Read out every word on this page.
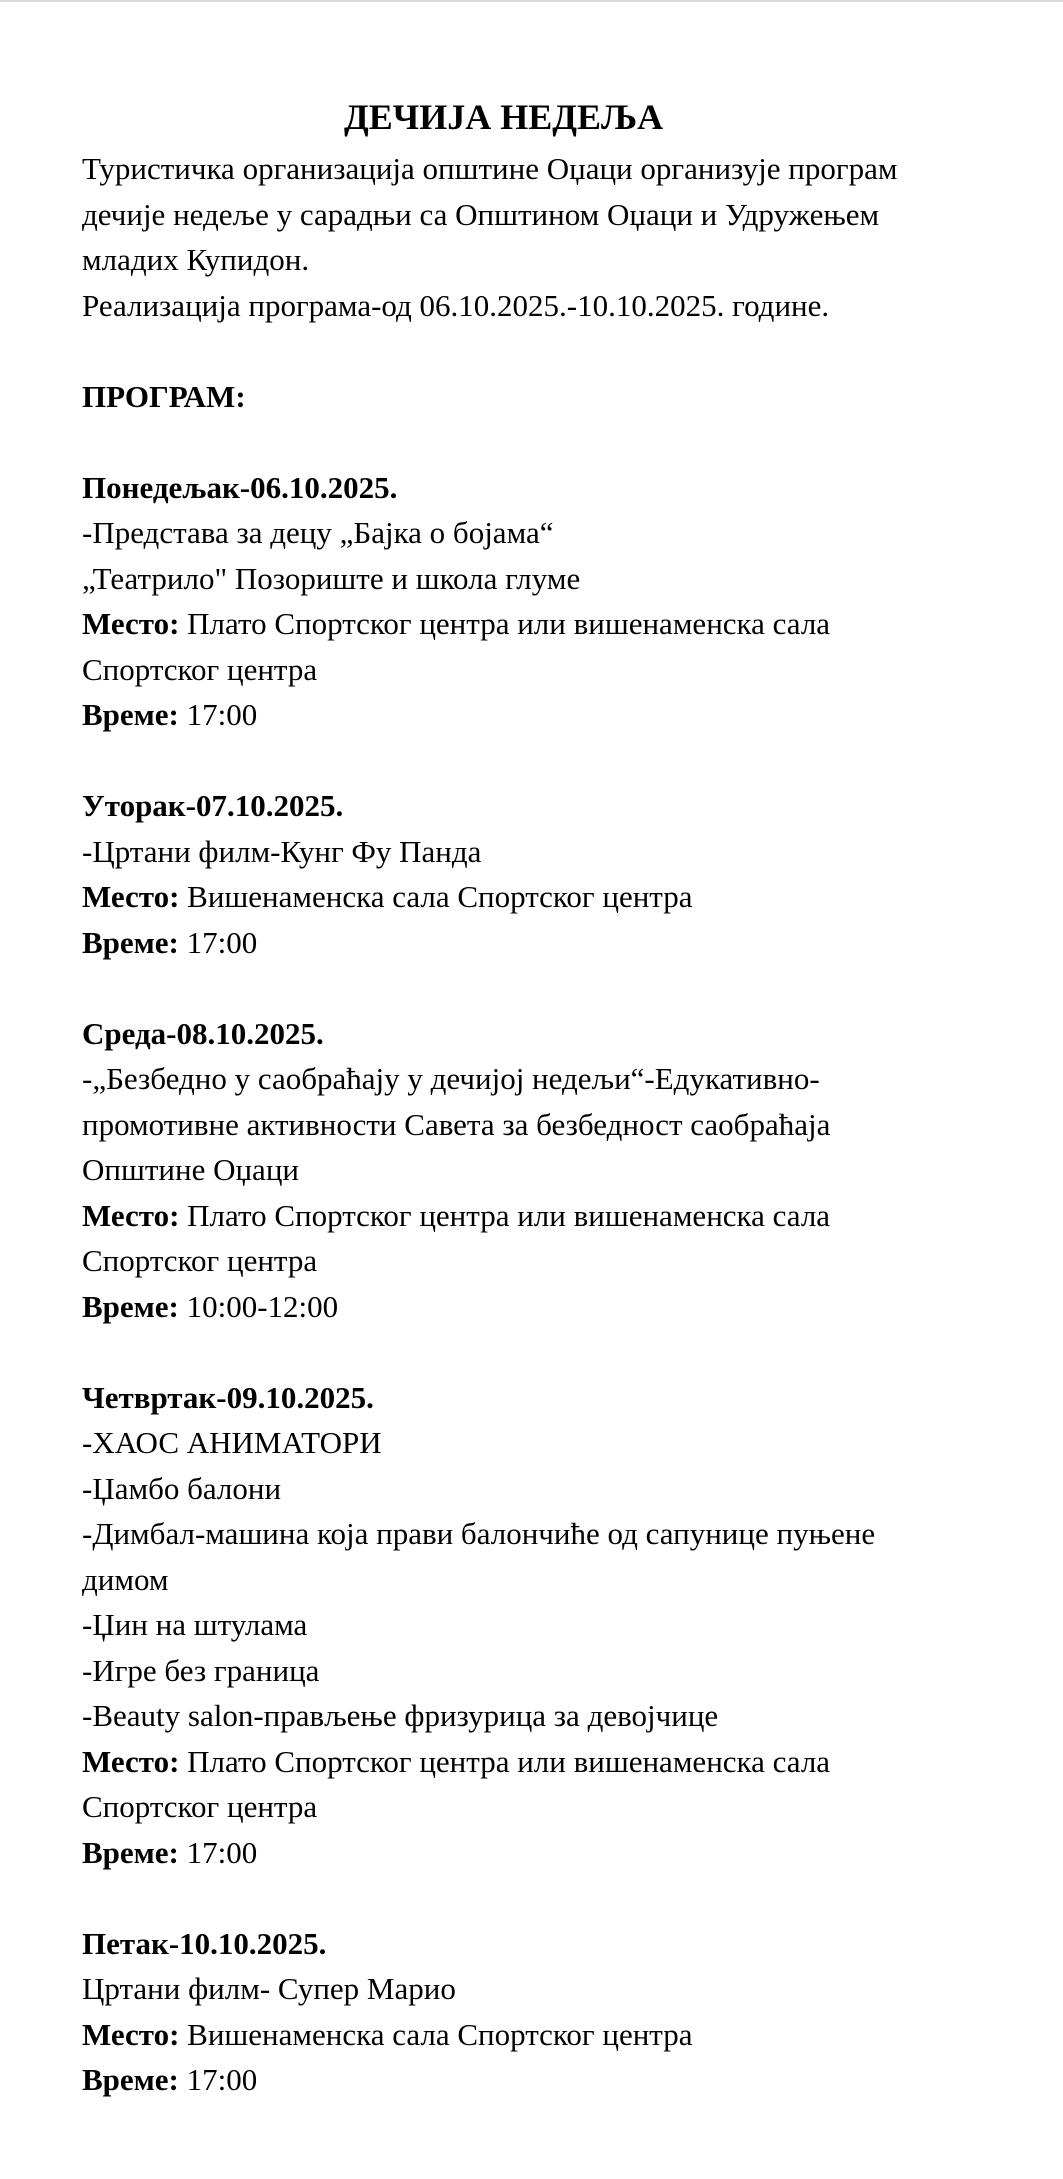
ДЕЧИЈА НЕДЕЉА

Туристичка организација општине Оџаци организује програм

дечије недеље у сарадњи са Општином Оџаци и Удружењем

младих Купидон.

Реализација програма-од 06.10.2025.-10.10.2025. године.

ПРОГРАМ:

Понедељак-06.10.2025.

-Представа за децу „Бајка о бојама“

„Театрило" Позориште и школа глуме

Место: Плато Спортског центра или вишенаменска сала

Спортског центра

Време: 17:00

Уторак-07.10.2025.

-Цртани филм-Кунг Фу Панда

Место: Вишенаменска сала Спортског центра

Време: 17:00

Среда-08.10.2025.

-„Безбедно у саобраћају у дечијој недељи“-Едукативно-

промотивне активности Савета за безбедност саобраћаја

Општине Оџаци

Место: Плато Спортског центра или вишенаменска сала

Спортског центра

Време: 10:00-12:00

Четвртак-09.10.2025.

-ХАОС АНИМАТОРИ

-Џамбо балони

-Димбал-машина која прави балончиће од сапунице пуњене

димом

-Џин на штулама

-Игре без граница

-Beauty salon-прављење фризурица за девојчице

Место: Плато Спортског центра или вишенаменска сала

Спортског центра

Време: 17:00

Петак-10.10.2025.

Цртани филм- Супер Марио

Место: Вишенаменска сала Спортског центра

Време: 17:00
